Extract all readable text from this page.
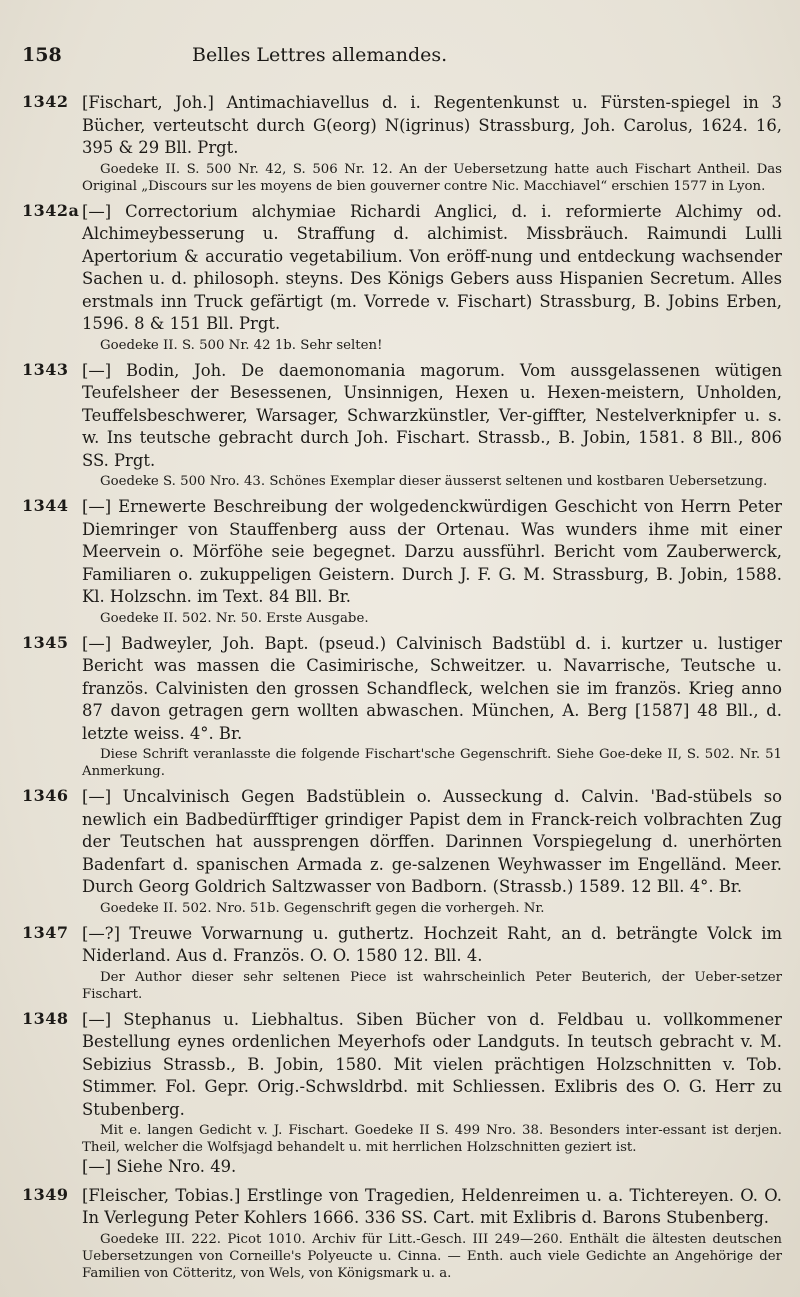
158	Belles Lettres allemandes.
1342 [Fischart, Joh.] Antimachiavellus d. i. Regentenkunst u. Fürsten-spiegel in 3 Bücher, verteutscht durch G(eorg) N(igrinus) Strassburg, Joh. Carolus, 1624. 16, 395 & 29 Bll. Prgt.
Goedeke II. S. 500 Nr. 42, S. 506 Nr. 12. An der Uebersetzung hatte auch Fischart Antheil. Das Original „Discours sur les moyens de bien gouverner contre Nic. Macchiavel“ erschien 1577 in Lyon.
1342a [—] Correctorium alchymiae Richardi Anglici, d. i. reformierte Alchimy od. Alchimeybesserung u. Straffung d. alchimist. Missbräuch. Raimundi Lulli Apertorium & accuratio vegetabilium. Von eröff-nung und entdeckung wachsender Sachen u. d. philosoph. steyns. Des Königs Gebers auss Hispanien Secretum. Alles erstmals inn Truck gefärtigt (m. Vorrede v. Fischart) Strassburg, B. Jobins Erben, 1596. 8 & 151 Bll. Prgt.
Goedeke II. S. 500 Nr. 42 1b. Sehr selten!
1343 [—] Bodin, Joh. De daemonomania magorum. Vom aussgelassenen wütigen Teufelsheer der Besessenen, Unsinnigen, Hexen u. Hexen-meistern, Unholden, Teuffelsbeschwerer, Warsager, Schwarzkünstler, Ver-giffter, Nestelverknipfer u. s. w. Ins teutsche gebracht durch Joh. Fischart. Strassb., B. Jobin, 1581. 8 Bll., 806 SS. Prgt.
Goedeke S. 500 Nro. 43. Schönes Exemplar dieser äusserst seltenen und kostbaren Uebersetzung.
1344 [—] Ernewerte Beschreibung der wolgedenckwürdigen Geschicht von Herrn Peter Diemringer von Stauffenberg auss der Ortenau. Was wunders ihme mit einer Meervein o. Mörföhe seie begegnet. Darzu aussführl. Bericht vom Zauberwerck, Familiaren o. zukuppeligen Geistern. Durch J. F. G. M. Strassburg, B. Jobin, 1588. Kl. Holzschn. im Text. 84 Bll. Br.
Goedeke II. 502. Nr. 50. Erste Ausgabe.
1345 [—] Badweyler, Joh. Bapt. (pseud.) Calvinisch Badstübl d. i. kurtzer u. lustiger Bericht was massen die Casimirische, Schweitzer. u. Navarrische, Teutsche u. französ. Calvinisten den grossen Schandfleck, welchen sie im französ. Krieg anno 87 davon getragen gern wollten abwaschen. München, A. Berg [1587] 48 Bll., d. letzte weiss. 4°. Br.
Diese Schrift veranlasste die folgende Fischart'sche Gegenschrift. Siehe Goe-deke II, S. 502. Nr. 51 Anmerkung.
1346 [—] Uncalvinisch Gegen Badstüblein o. Ausseckung d. Calvin. 'Bad-stübels so newlich ein Badbedürfftiger grindiger Papist dem in Franck-reich volbrachten Zug der Teutschen hat aussprengen dörffen. Darinnen Vorspiegelung d. unerhörten Badenfart d. spanischen Armada z. ge-salzenen Weyhwasser im Engelländ. Meer. Durch Georg Goldrich Saltzwasser von Badborn. (Strassb.) 1589. 12 Bll. 4°. Br.
Goedeke II. 502. Nro. 51b. Gegenschrift gegen die vorhergeh. Nr.
1347 [—?] Treuwe Vorwarnung u. guthertz. Hochzeit Raht, an d. beträngte Volck im Niderland. Aus d. Französ. O. O. 1580 12. Bll. 4.
Der Author dieser sehr seltenen Piece ist wahrscheinlich Peter Beuterich, der Ueber-setzer Fischart.
1348 [—] Stephanus u. Liebhaltus. Siben Bücher von d. Feldbau u. vollkommener Bestellung eynes ordenlichen Meyerhofs oder Landguts. In teutsch gebracht v. M. Sebizius Strassb., B. Jobin, 1580. Mit vielen prächtigen Holzschnitten v. Tob. Stimmer. Fol. Gepr. Orig.-Schwsldrbd. mit Schliessen. Exlibris des O. G. Herr zu Stubenberg.
Mit e. langen Gedicht v. J. Fischart. Goedeke II S. 499 Nro. 38. Besonders inter-essant ist derjen. Theil, welcher die Wolfsjagd behandelt u. mit herrlichen Holzschnitten geziert ist.
[—] Siehe Nro. 49.
1349 [Fleischer, Tobias.] Erstlinge von Tragedien, Heldenreimen u. a. Tichtereyen. O. O. In Verlegung Peter Kohlers 1666. 336 SS. Cart. mit Exlibris d. Barons Stubenberg.
Goedeke III. 222. Picot 1010. Archiv für Litt.-Gesch. III 249—260. Enthält die ältesten deutschen Uebersetzungen von Corneille's Polyeucte u. Cinna. — Enth. auch viele Gedichte an Angehörige der Familien von Cötteritz, von Wels, von Königsmark u. a.
